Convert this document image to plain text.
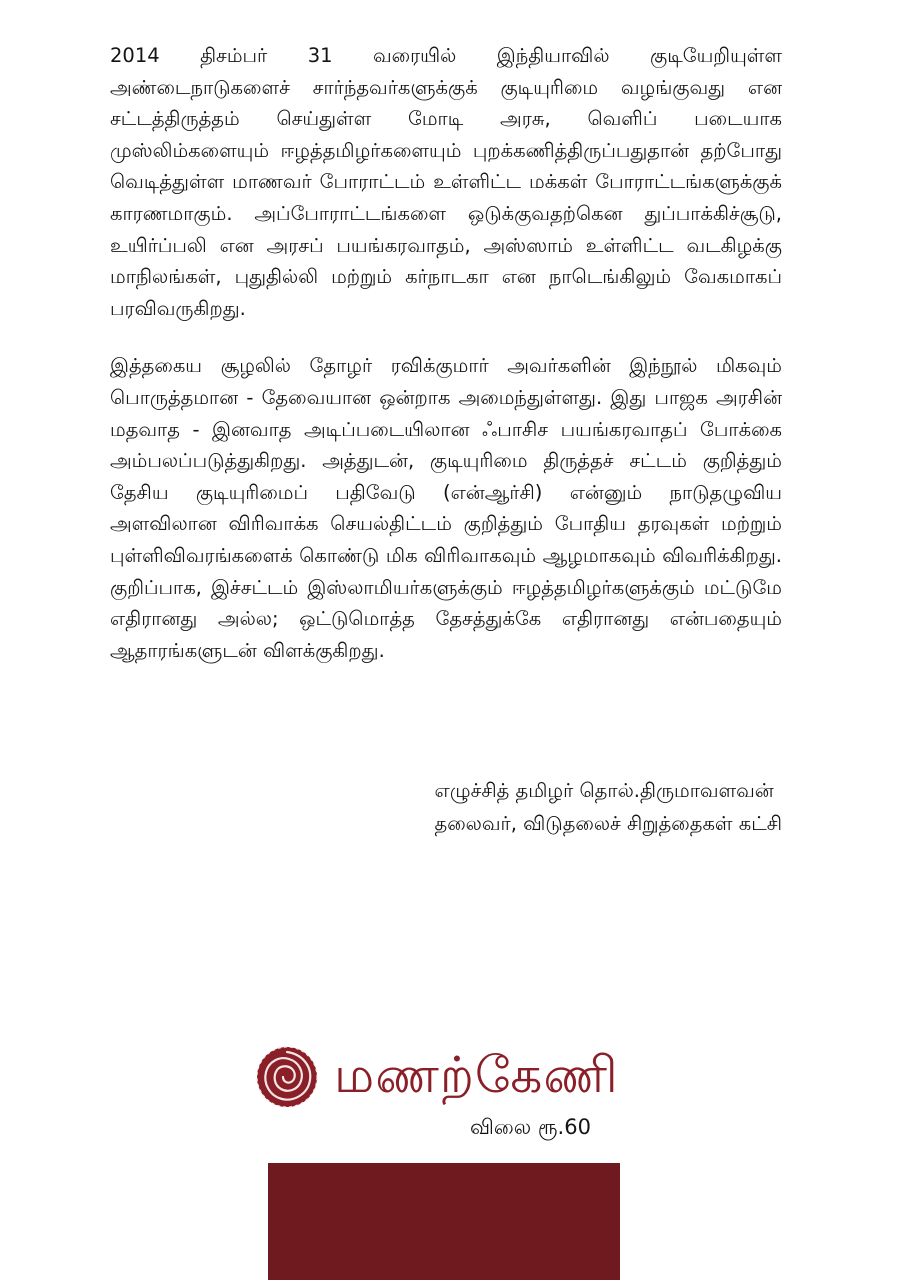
2014 திசம்பர் 31 வரையில் இந்தியாவில் குடியேறியுள்ள அண்டைநாடுகளைச் சார்ந்தவர்களுக்குக் குடியுரிமை வழங்குவது என சட்டத்திருத்தம் செய்துள்ள மோடி அரசு, வெளிப் படையாக முஸ்லிம்களையும் ஈழத்தமிழர்களையும் புறக்கணித்திருப்பதுதான் தற்போது வெடித்துள்ள மாணவர் போராட்டம் உள்ளிட்ட மக்கள் போராட்டங்களுக்குக் காரணமாகும். அப்போராட்டங்களை ஒடுக்குவதற்கென துப்பாக்கிச்சூடு, உயிர்ப்பலி என அரசப் பயங்கரவாதம், அஸ்ஸாம் உள்ளிட்ட வடகிழக்கு மாநிலங்கள், புதுதில்லி மற்றும் கர்நாடகா என நாடெங்கிலும் வேகமாகப் பரவிவருகிறது.

இத்தகைய சூழலில் தோழர் ரவிக்குமார் அவர்களின் இந்நூல் மிகவும் பொருத்தமான - தேவையான ஒன்றாக அமைந்துள்ளது. இது பாஜக அரசின் மதவாத - இனவாத அடிப்படையிலான ஃபாசிச பயங்கரவாதப் போக்கை அம்பலப்படுத்துகிறது. அத்துடன், குடியுரிமை திருத்தச் சட்டம் குறித்தும் தேசிய குடியுரிமைப் பதிவேடு (என்ஆர்சி) என்னும் நாடுதழுவிய அளவிலான விரிவாக்க செயல்திட்டம் குறித்தும் போதிய தரவுகள் மற்றும் புள்ளிவிவரங்களைக் கொண்டு மிக விரிவாகவும் ஆழமாகவும் விவரிக்கிறது. குறிப்பாக, இச்சட்டம் இஸ்லாமியர்களுக்கும் ஈழத்தமிழர்களுக்கும் மட்டுமே எதிரானது அல்ல; ஒட்டுமொத்த தேசத்துக்கே எதிரானது என்பதையும் ஆதாரங்களுடன் விளக்குகிறது.

எழுச்சித் தமிழர் தொல்.திருமாவளவன்
தலைவர், விடுதலைச் சிறுத்தைகள் கட்சி
மணற்கேணி
விலை ரூ.60
